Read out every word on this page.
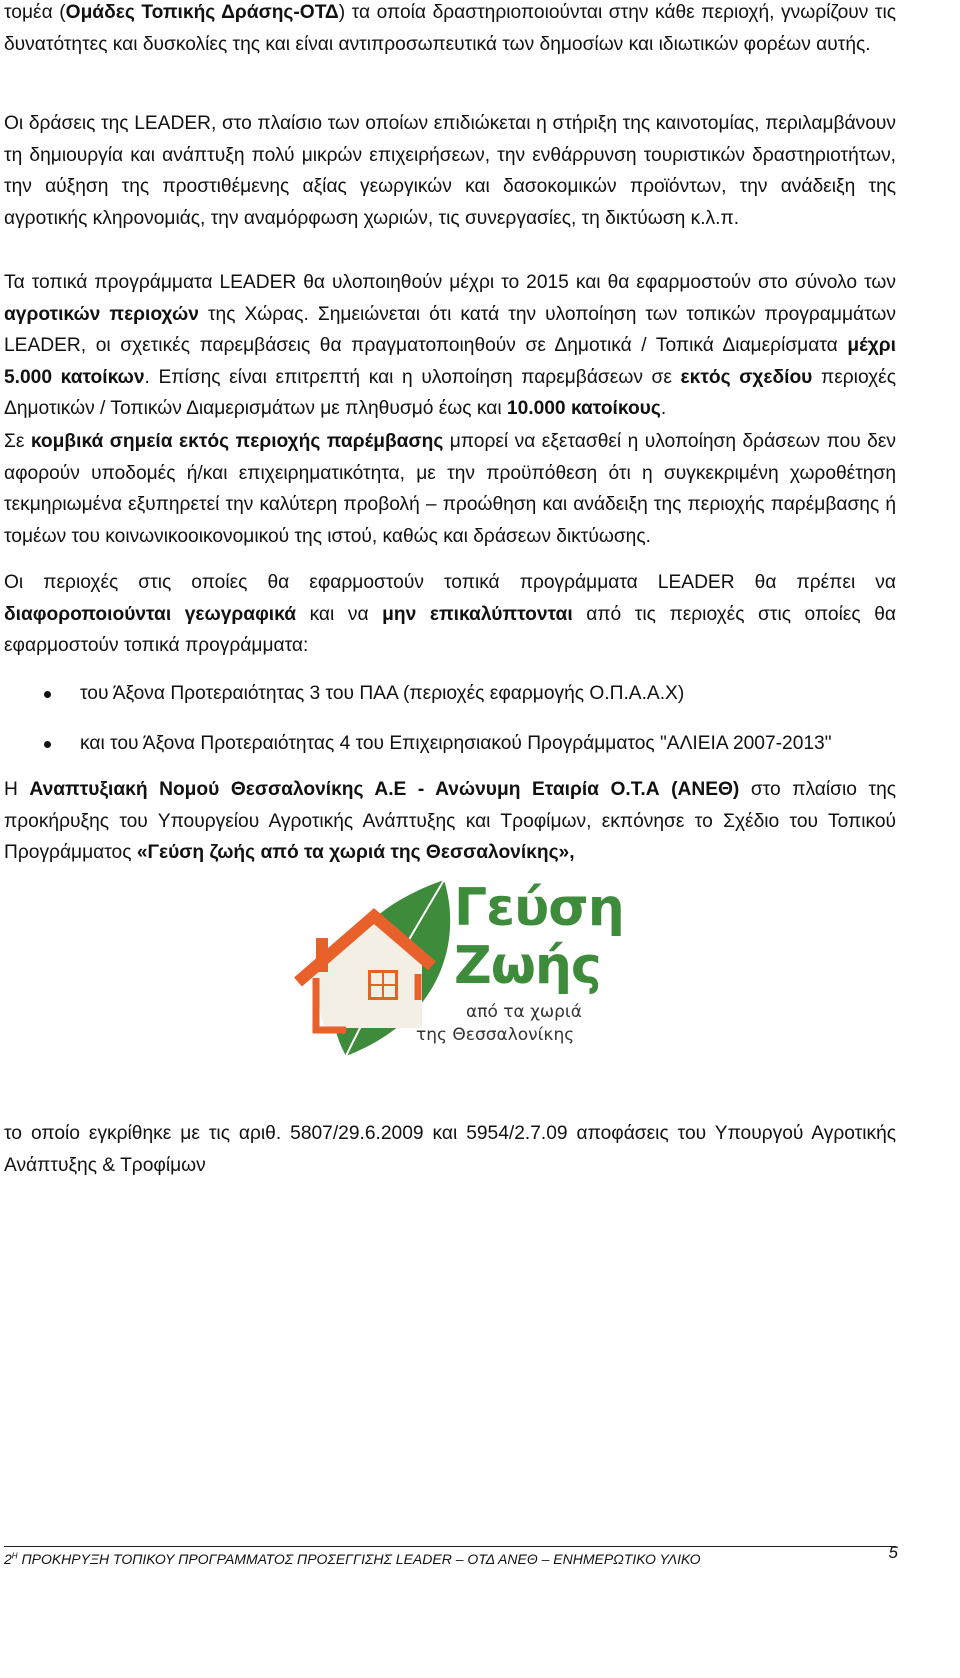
τομέα (Ομάδες Τοπικής Δράσης-ΟΤΔ) τα οποία δραστηριοποιούνται στην κάθε περιοχή, γνωρίζουν τις δυνατότητες και δυσκολίες της και είναι αντιπροσωπευτικά των δημοσίων και ιδιωτικών φορέων αυτής.

Οι δράσεις της LEADER, στο πλαίσιο των οποίων επιδιώκεται η στήριξη της καινοτομίας, περιλαμβάνουν τη δημιουργία και ανάπτυξη πολύ μικρών επιχειρήσεων, την ενθάρρυνση τουριστικών δραστηριοτήτων, την αύξηση της προστιθέμενης αξίας γεωργικών και δασοκομικών προϊόντων, την ανάδειξη της αγροτικής κληρονομιάς, την αναμόρφωση χωριών, τις συνεργασίες, τη δικτύωση κ.λ.π.

Τα τοπικά προγράμματα LEADER θα υλοποιηθούν μέχρι το 2015 και θα εφαρμοστούν στο σύνολο των αγροτικών περιοχών της Χώρας. Σημειώνεται ότι κατά την υλοποίηση των τοπικών προγραμμάτων LEADER, οι σχετικές παρεμβάσεις θα πραγματοποιηθούν σε Δημοτικά / Τοπικά Διαμερίσματα μέχρι 5.000 κατοίκων. Επίσης είναι επιτρεπτή και η υλοποίηση παρεμβάσεων σε εκτός σχεδίου περιοχές Δημοτικών / Τοπικών Διαμερισμάτων με πληθυσμό έως και 10.000 κατοίκους.

Σε κομβικά σημεία εκτός περιοχής παρέμβασης μπορεί να εξετασθεί η υλοποίηση δράσεων που δεν αφορούν υποδομές ή/και επιχειρηματικότητα, με την προϋπόθεση ότι η συγκεκριμένη χωροθέτηση τεκμηριωμένα εξυπηρετεί την καλύτερη προβολή – προώθηση και ανάδειξη της περιοχής παρέμβασης ή τομέων του κοινωνικοοικονομικού της ιστού, καθώς και δράσεων δικτύωσης.

Οι περιοχές στις οποίες θα εφαρμοστούν τοπικά προγράμματα LEADER θα πρέπει να διαφοροποιούνται γεωγραφικά και να μην επικαλύπτονται από τις περιοχές στις οποίες θα εφαρμοστούν τοπικά προγράμματα:

του Άξονα Προτεραιότητας 3 του ΠΑΑ (περιοχές εφαρμογής Ο.Π.Α.Α.Χ)
και του Άξονα Προτεραιότητας 4 του Επιχειρησιακού Προγράμματος "ΑΛΙΕΙΑ 2007-2013"

Η Αναπτυξιακή Νομού Θεσσαλονίκης Α.Ε - Ανώνυμη Εταιρία Ο.Τ.Α (ΑΝΕΘ) στο πλαίσιο της προκήρυξης του Υπουργείου Αγροτικής Ανάπτυξης και Τροφίμων, εκπόνησε το Σχέδιο του Τοπικού Προγράμματος «Γεύση ζωής από τα χωριά της Θεσσαλονίκης»,

Γεύση
Ζωής
από τα χωριά
της Θεσσαλονίκης

το οποίο εγκρίθηκε με τις αριθ. 5807/29.6.2009 και 5954/2.7.09 αποφάσεις του Υπουργού Αγροτικής Ανάπτυξης & Τροφίμων

$2^H$ ΠΡΟΚΗΡΥΞΗ ΤΟΠΙΚΟΥ ΠΡΟΓΡΑΜΜΑΤΟΣ ΠΡΟΣΕΓΓΙΣΗΣ LEADER – ΟΤΔ ΑΝΕΘ – ΕΝΗΜΕΡΩΤΙΚΟ ΥΛΙΚΟ	5
